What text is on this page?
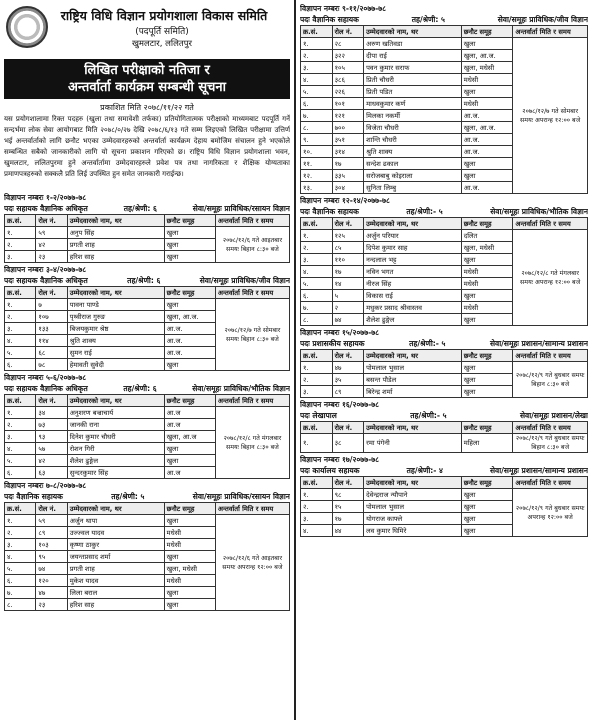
राष्ट्रिय विधि विज्ञान प्रयोगशाला विकास समिति
(पदपूर्ति समिति)
खुमलटार, ललितपुर
लिखित परीक्षाको नतिजा र
अन्तर्वार्ता कार्यक्रम सम्बन्धी सूचना
प्रकाशित मिति २०७८/११/२२ गते
यस प्रयोगशालामा रिक्त पदहरु (खुला तथा समावेशी तर्फका) प्रतियोगितात्मक परीक्षाको माध्यमबाट पदपूर्ति गर्ने सन्दर्भमा लोक सेवा आयोगबाट मिति २०७८/०/२७ देखि २०७८/६/१३ गते सम्म लिइएको लिखित परीक्षामा उत्तिर्ण भई अन्तर्वार्ताको लागि छनौट भएका उम्मेदवारहरुको अन्तर्वार्ता कार्यक्रम देहाय बमोजिम संचालन हुने भएकोले सम्बन्धित सबैको जानकारीको लागि यो सूचना प्रकाशन गरिएको छ। राष्ट्रिय विधि विज्ञान प्रयोगशाला भवन, खुमलटार, ललितपुरमा हुने अन्तर्वार्तामा उम्मेदवारहरुले प्रवेश पत्र तथा नागरिकता र शैक्षिक योग्यताका प्रमाणपत्रहरुको सक्कलै प्रति लिई उपस्थित हुन समेत जानकारी गराईन्छ।
विज्ञापन नम्बरः १-२/२०७७-७८
पदः सहायक वैज्ञानिक अधिकृत	तह/श्रेणी: ६	सेवा/समूहः प्राविधिक/रसायन विज्ञान
क्र.सं.	रोल नं.	उम्मेदवारको नाम, थर	छनौट समूह	अन्तर्वार्ता मिति र समय
१.	५९	अनुप सिंह	खुला	२०७८/१२/६ गते आइतबार समयः बिहान ८:३० बजे
२.	४२	प्रगती शाह	खुला	
३.	२३	हरिश साह	खुला	
विज्ञापन नम्बरः ३-४/२०७७-७८
पदः सहायक वैज्ञानिक अधिकृत	तह/श्रेणी: ६	सेवा/समूहः प्राविधिक/जीव विज्ञान
क्र.सं.	रोल नं.	उम्मेदवारको नाम, थर	छनौट समूह	अन्तर्वार्ता मिति र समय
१.	७	पावना पाण्डे	खुला	२०७८/१२/७ गते सोमबार समयः बिहान ८:३० बजे
२.	१०७	पृथ्वीराज गुरुङ	खुला, आ.ज.	
३.	१३३	बिजयकुमार श्रेष्ठ	आ.ज.	
४.	११४	श्रुति शाक्य	आ.ज.	
५.	६८	सुमन राई	आ.ज.	
६.	७८	हेमावती सुवेदी	खुला	
विज्ञापन नम्बरः ५-६/२०७७-७८
पदः सहायक वैज्ञानिक अधिकृत	तह/श्रेणी: ६	सेवा/समूहः प्राविधिक/भौतिक विज्ञान
क्र.सं.	रोल नं.	उम्मेदवारको नाम, थर	छनौट समूह	अन्तर्वार्ता मिति र समय
१.	३४	अनुशरण बज्राचार्य	आ.ज	२०७८/१२/८ गते मंगलबार समयः बिहान ८:३० बजे
२.	७३	जानकी राना	आ.ज	
३.	९३	दिनेश कुमार चौधरी	खुला, आ.ज	
४.	५७	रोशन गिरी	खुला	
५.	४२	शैलेश ढुङ्गेल	खुला	
६.	६३	सुन्दरकुमार सिंह	आ.ज	
विज्ञापन नम्बरः ७-८/२०७७-७८
पदः वैज्ञानिक सहायक	तह/श्रेणी: ५	सेवा/समूहः प्राविधिक/रसायन विज्ञान
क्र.सं.	रोल नं.	उम्मेदवारको नाम, थर	छनौट समूह	अन्तर्वार्ता मिति र समय
१.	५९	अर्जुन थापा	खुला	२०७८/१२/६ गते आइतबार समयः अपरान्ह १२:०० बजे
२.	८९	उज्ज्वल यादव	मधेसी	
३.	१०३	कृष्णा ठाकुर	मधेसी	
४.	९५	जयन्तप्रसाद शर्मा	खुला	
५.	७४	प्रगती शाह	खुला, मधेसी	
६.	१२०	मुकेश यादव	मधेसी	
७.	४७	लिला बराल	खुला	
८.	२३	हरिश साह	खुला	
विज्ञापन नम्बरः ९-११/२०७७-७८
पदः वैज्ञानिक सहायक	तह/श्रेणी: ५	सेवा/समूहः प्राविधिक/जीव विज्ञान
क्र.सं.	रोल नं.	उम्मेदवारको नाम, थर	छनौट समूह	अन्तर्वार्ता मिति र समय
१.	२८	अरुण खतिवडा	खुला	२०७८/१२/७ गते सोमबार समयः अपरान्ह १२:०० बजे
२.	३२२	दीपा राई	खुला, आ.ज.	
३.	१०५	पवन कुमार सराफ	खुला, मधेसी	
४.	३८६	प्रिती चौधरी	मधेसी	
५.	२२६	प्रिती पडित	खुला	
६.	१०१	माधवकुमार कर्ण	मधेसी	
७.	१२१	मिलका नकर्मी	आ.ज.	
८.	७००	विजेता चौधरी	खुला, आ.ज.	
९.	३५१	शान्ति चौधरी	आ.ज.	
१०.	३१४	श्रुति शाक्य	आ.ज.	
११.	१७	सन्देश ढकाल	खुला	
१२.	३३५	सरोजबाबु कोइराला	खुला	
१३.	३०४	सुनिता लिम्बु	आ.ज.	
विज्ञापन नम्बरः १२-१४/२०७७-७८
पदः वैज्ञानिक सहायक	तह/श्रेणी:- ५	सेवा/समूहः प्राविधिक/भौतिक विज्ञान
क्र.सं.	रोल नं.	उम्मेदवारको नाम, थर	छनौट समूह	अन्तर्वार्ता मिति र समय
१.	१२५	अर्जुन परियार	दलित	२०७८/१२/८ गते मंगलबार समयः अपरान्ह १२:०० बजे
२.	८५	दिपेश कुमार साह	खुला, मधेसी	
३.	११०	नन्दलाल भट्ट	खुला	
४.	१७	नविन भगत	मधेसी	
५.	१४	नीरज सिंह	मधेसी	
६.	५	विकास राई	खुला	
७.	२	मधुकर प्रसाद श्रीवास्तव	मधेसी	
८.	७४	शैलेश ढुङ्गेल	खुला	
विज्ञापन नम्बरः १५/२०७७-७८
पदः प्रशासकीय सहायक	तह/श्रेणी:- ५	सेवा/समूहः प्रशासन/सामान्य प्रशासन
क्र.सं.	रोल नं.	उम्मेदवारको नाम, थर	छनौट समूह	अन्तर्वार्ता मिति र समय
१.	४७	पोमलाल भुसाल	खुला	२०७८/१२/९ गते बुधबार समयः बिहान ८:३० बजे
२.	३५	बसन्त पौडेल	खुला	
३.	८९	बिरेन्द्र शर्मा	खुला	
विज्ञापन नम्बरः १६/२०७७-७८
पदः लेखापाल	तह/श्रेणी:- ५	सेवा/समूहः प्रशासन/लेखा
क्र.सं.	रोल नं.	उम्मेदवारको नाम, थर	छनौट समूह	अन्तर्वार्ता मिति र समय
१.	३८	रमा पंगेनी	महिला	२०७८/१२/९ गते बुधबार समयः बिहान ८:३० बजे
विज्ञापन नम्बरः १७/२०७७-७८
पदः कार्यालय सहायक	तह/श्रेणी:- ४	सेवा/समूहः प्रशासन/सामान्य प्रशासन
क्र.सं.	रोल नं.	उम्मेदवारको नाम, थर	छनौट समूह	अन्तर्वार्ता मिति र समय
१.	९८	देवेन्द्रराज न्यौपाने	खुला	२०७८/१२/९ गते बुधबार समयः अपरान्ह १२:०० बजे
२.	१५	पोमलाल भुसाल	खुला	
३.	१७	योगराज काफ्ले	खुला	
४.	४४	लव कुमार घिमिरे	खुला	
